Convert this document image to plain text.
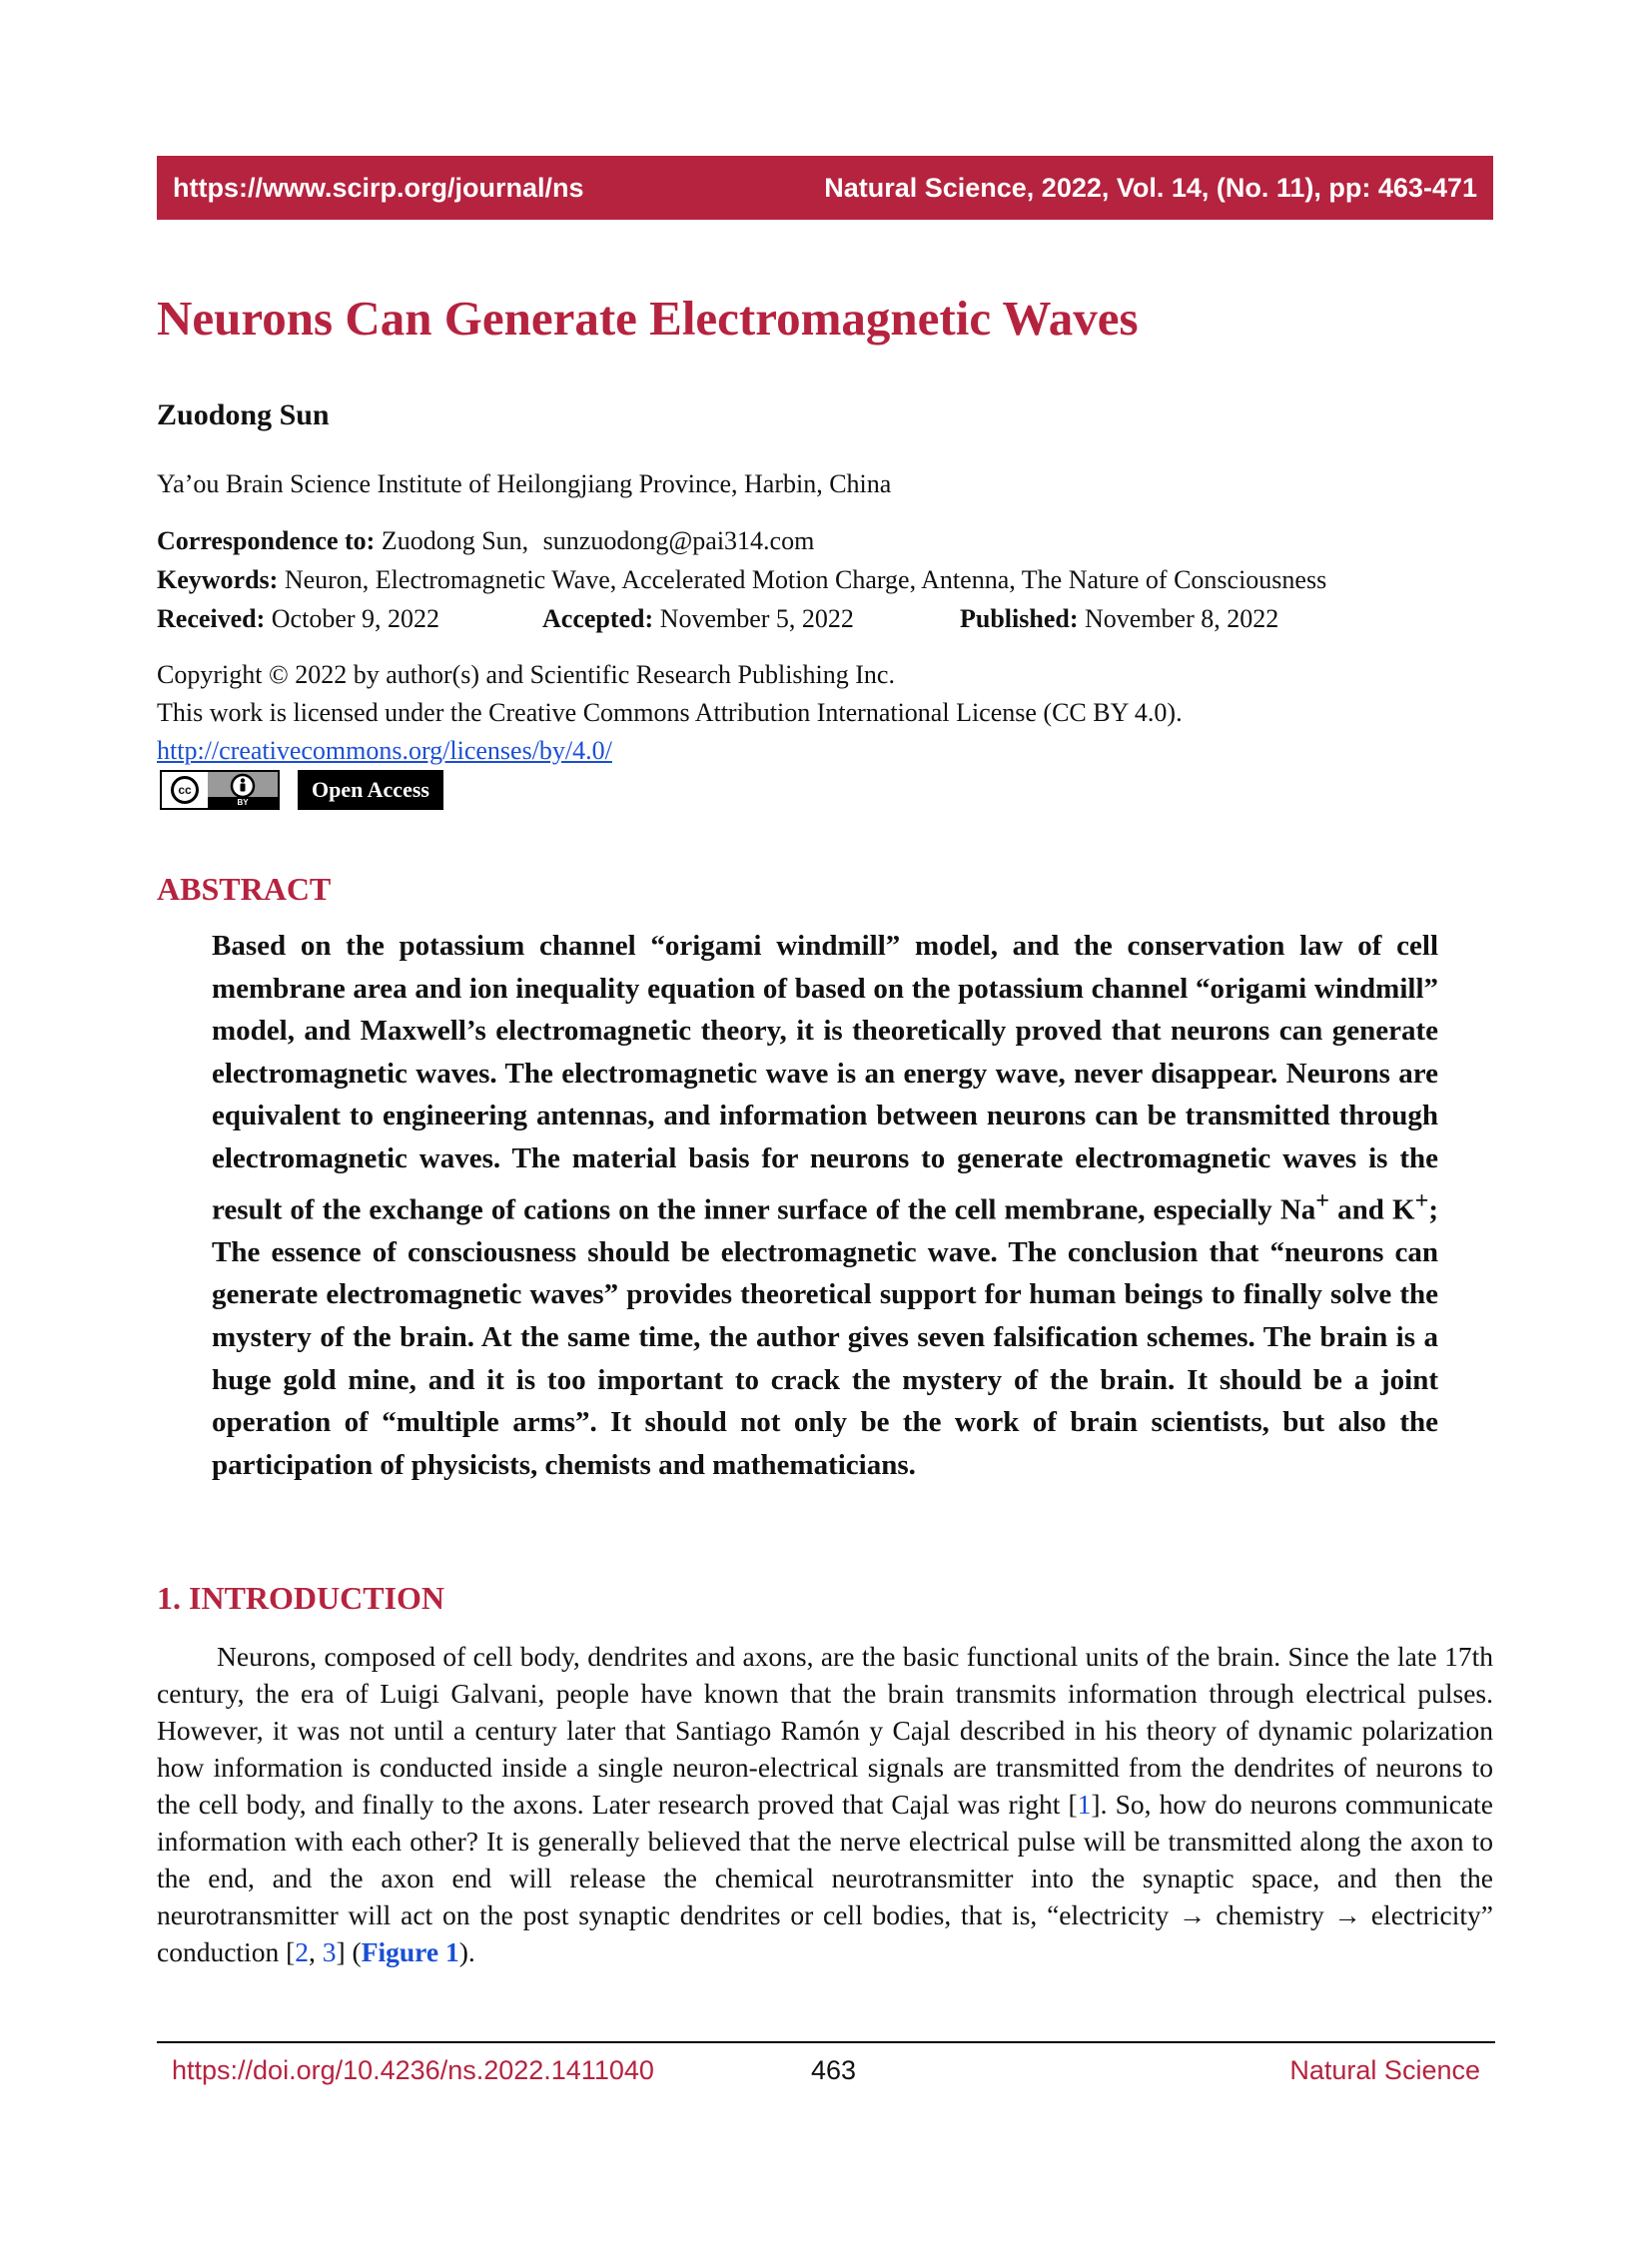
https://www.scirp.org/journal/ns	Natural Science, 2022, Vol. 14, (No. 11), pp: 463-471
Neurons Can Generate Electromagnetic Waves
Zuodong Sun
Ya’ou Brain Science Institute of Heilongjiang Province, Harbin, China
Correspondence to: Zuodong Sun, sunzuodong@pai314.com
Keywords: Neuron, Electromagnetic Wave, Accelerated Motion Charge, Antenna, The Nature of Consciousness
Received: October 9, 2022	Accepted: November 5, 2022	Published: November 8, 2022
Copyright © 2022 by author(s) and Scientific Research Publishing Inc.
This work is licensed under the Creative Commons Attribution International License (CC BY 4.0).
http://creativecommons.org/licenses/by/4.0/
cc
BY
Open Access
ABSTRACT

Based on the potassium channel “origami windmill” model, and the conservation law of cell membrane area and ion inequality equation of based on the potassium channel “origami windmill” model, and Maxwell’s electromagnetic theory, it is theoretically proved that neurons can generate electromagnetic waves. The electromagnetic wave is an energy wave, never disappear. Neurons are equivalent to engineering antennas, and information between neurons can be transmitted through electromagnetic waves. The material basis for neurons to generate electromagnetic waves is the result of the exchange of cations on the inner surface of the cell membrane, especially Na+ and K+; The essence of consciousness should be electromagnetic wave. The conclusion that “neurons can generate electromagnetic waves” provides theoretical support for human beings to finally solve the mystery of the brain. At the same time, the author gives seven falsification schemes. The brain is a huge gold mine, and it is too important to crack the mystery of the brain. It should be a joint operation of “multiple arms”. It should not only be the work of brain scientists, but also the participation of physicists, chemists and mathematicians.

1. INTRODUCTION

Neurons, composed of cell body, dendrites and axons, are the basic functional units of the brain. Since the late 17th century, the era of Luigi Galvani, people have known that the brain transmits information through electrical pulses. However, it was not until a century later that Santiago Ramón y Cajal described in his theory of dynamic polarization how information is conducted inside a single neuron-electrical signals are transmitted from the dendrites of neurons to the cell body, and finally to the axons. Later research proved that Cajal was right [1]. So, how do neurons communicate information with each other? It is generally believed that the nerve electrical pulse will be transmitted along the axon to the end, and the axon end will release the chemical neurotransmitter into the synaptic space, and then the neurotransmitter will act on the post synaptic dendrites or cell bodies, that is, “electricity → chemistry → electricity” conduction [2, 3] (Figure 1).

https://doi.org/10.4236/ns.2022.1411040	463	Natural Science
